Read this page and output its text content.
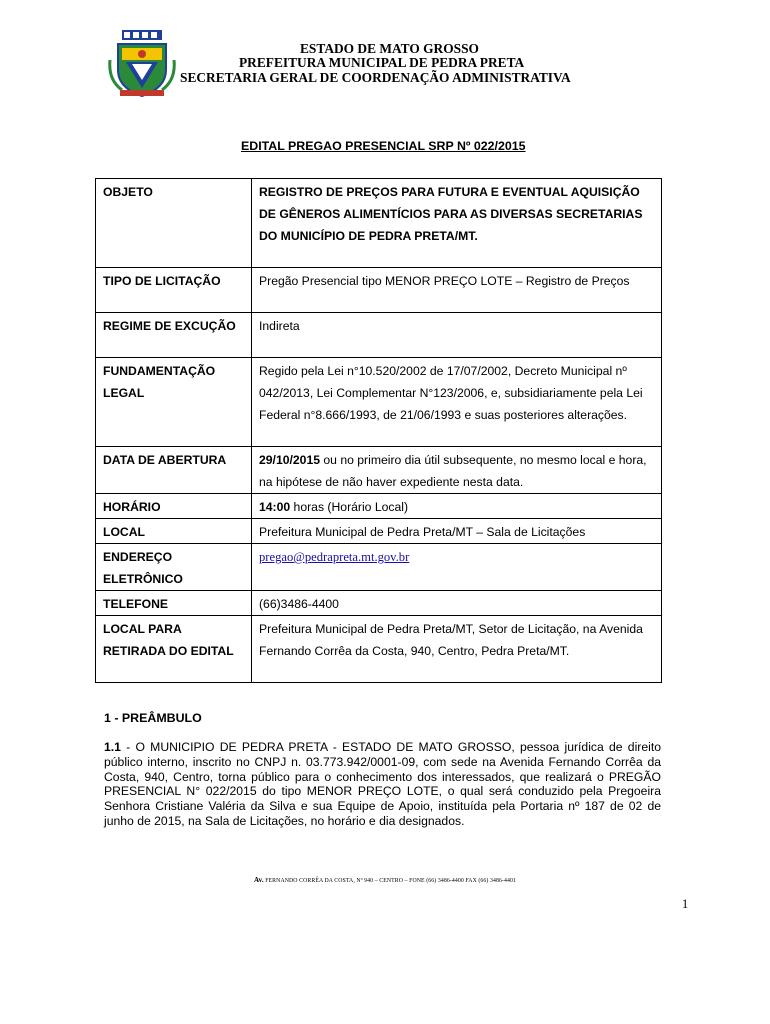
ESTADO DE MATO GROSSO
PREFEITURA MUNICIPAL DE PEDRA PRETA
SECRETARIA GERAL DE COORDENAÇÃO ADMINISTRATIVA
EDITAL PREGAO PRESENCIAL SRP Nº 022/2015
OBJETO	REGISTRO DE PREÇOS PARA FUTURA E EVENTUAL AQUISIÇÃO DE GÊNEROS ALIMENTÍCIOS PARA AS DIVERSAS SECRETARIAS DO MUNICÍPIO DE PEDRA PRETA/MT.
TIPO DE LICITAÇÃO	Pregão Presencial tipo MENOR PREÇO LOTE – Registro de Preços
REGIME DE EXCUÇÃO	Indireta
FUNDAMENTAÇÃO LEGAL	Regido pela Lei n°10.520/2002 de 17/07/2002, Decreto Municipal nº 042/2013, Lei Complementar N°123/2006, e, subsidiariamente pela Lei Federal n°8.666/1993, de 21/06/1993 e suas posteriores alterações.
DATA DE ABERTURA	29/10/2015 ou no primeiro dia útil subsequente, no mesmo local e hora, na hipótese de não haver expediente nesta data.
HORÁRIO	14:00 horas (Horário Local)
LOCAL	Prefeitura Municipal de Pedra Preta/MT – Sala de Licitações
ENDEREÇO ELETRÔNICO	pregao@pedrapreta.mt.gov.br
TELEFONE	(66)3486-4400
LOCAL PARA RETIRADA DO EDITAL	Prefeitura Municipal de Pedra Preta/MT, Setor de Licitação, na Avenida Fernando Corrêa da Costa, 940, Centro, Pedra Preta/MT.
1 - PREÂMBULO
1.1 - O MUNICIPIO DE PEDRA PRETA - ESTADO DE MATO GROSSO, pessoa jurídica de direito público interno, inscrito no CNPJ n. 03.773.942/0001-09, com sede na Avenida Fernando Corrêa da Costa, 940, Centro, torna público para o conhecimento dos interessados, que realizará o PREGÃO PRESENCIAL N° 022/2015 do tipo MENOR PREÇO LOTE, o qual será conduzido pela Pregoeira Senhora Cristiane Valéria da Silva e sua Equipe de Apoio, instituída pela Portaria nº 187 de 02 de junho de 2015, na Sala de Licitações, no horário e dia designados.
Av. FERNANDO CORRÊA DA COSTA, Nº 940 – CENTRO – FONE (66) 3486-4400 FAX (66) 3486-4401
1
